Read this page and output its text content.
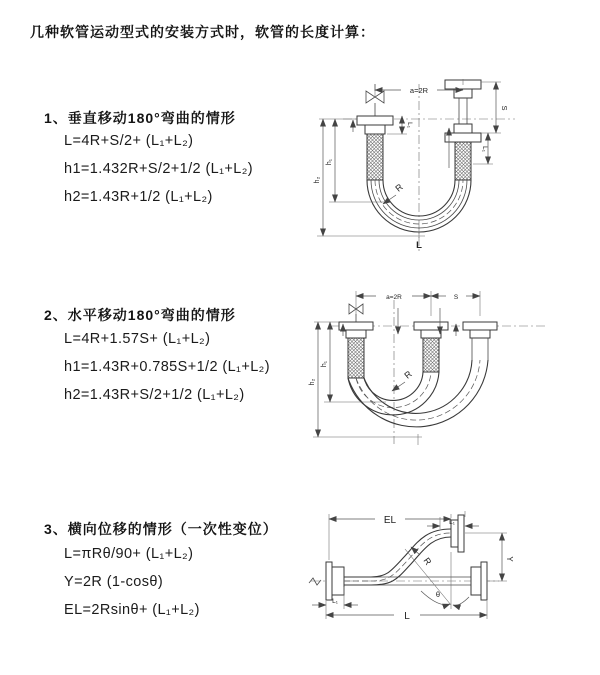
几种软管运动型式的安装方式时，软管的长度计算：
1、垂直移动180°弯曲的情形
L=4R+S/2+ (L₁+L₂)
h1=1.432R+S/2+1/2 (L₁+L₂)
h2=1.43R+1/2 (L₁+L₂)
a=2R
S
L₁
L₁
h₁
h₂
R
L
2、水平移动180°弯曲的情形
L=4R+1.57S+ (L₁+L₂)
h1=1.43R+0.785S+1/2 (L₁+L₂)
h2=1.43R+S/2+1/2 (L₁+L₂)
a=2R	S
h₁
h₂
R
3、横向位移的情形（一次性变位）
L=πRθ/90+ (L₁+L₂)
Y=2R (1-cosθ)
EL=2Rsinθ+ (L₁+L₂)
EL	L₁
Y
θ
R
L
L₁
